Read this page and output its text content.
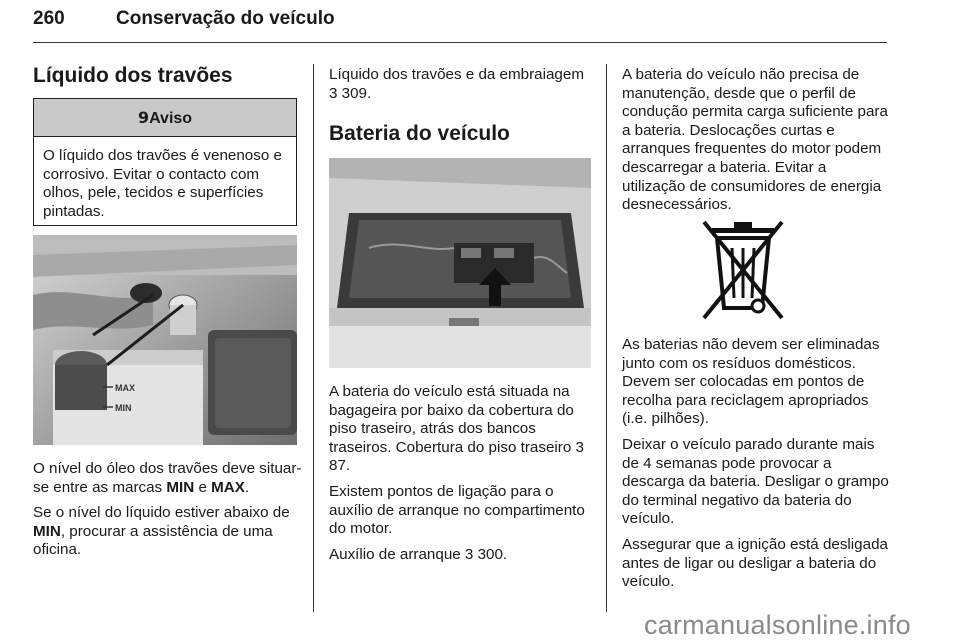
260	Conservação do veículo
Líquido dos travões
9Aviso
O líquido dos travões é venenoso e corrosivo. Evitar o contacto com olhos, pele, tecidos e superfícies pintadas.
MAX
MIN

O nível do óleo dos travões deve situar-se entre as marcas MIN e MAX.

Se o nível do líquido estiver abaixo de MIN, procurar a assistência de uma oficina.

Líquido dos travões e da embraiagem
3 309.
Bateria do veículo

A bateria do veículo está situada na bagageira por baixo da cobertura do piso traseiro, atrás dos bancos traseiros. Cobertura do piso traseiro 3 87.

Existem pontos de ligação para o auxílio de arranque no compartimento do motor.

Auxílio de arranque 3 300.

A bateria do veículo não precisa de manutenção, desde que o perfil de condução permita carga suficiente para a bateria. Deslocações curtas e arranques frequentes do motor podem descarregar a bateria. Evitar a utilização de consumidores de energia desnecessários.

As baterias não devem ser eliminadas junto com os resíduos domésticos. Devem ser colocadas em pontos de recolha para reciclagem apropriados (i.e. pilhões).

Deixar o veículo parado durante mais de 4 semanas pode provocar a descarga da bateria. Desligar o grampo do terminal negativo da bateria do veículo.

Assegurar que a ignição está desligada antes de ligar ou desligar a bateria do veículo.

carmanualsonline.info
